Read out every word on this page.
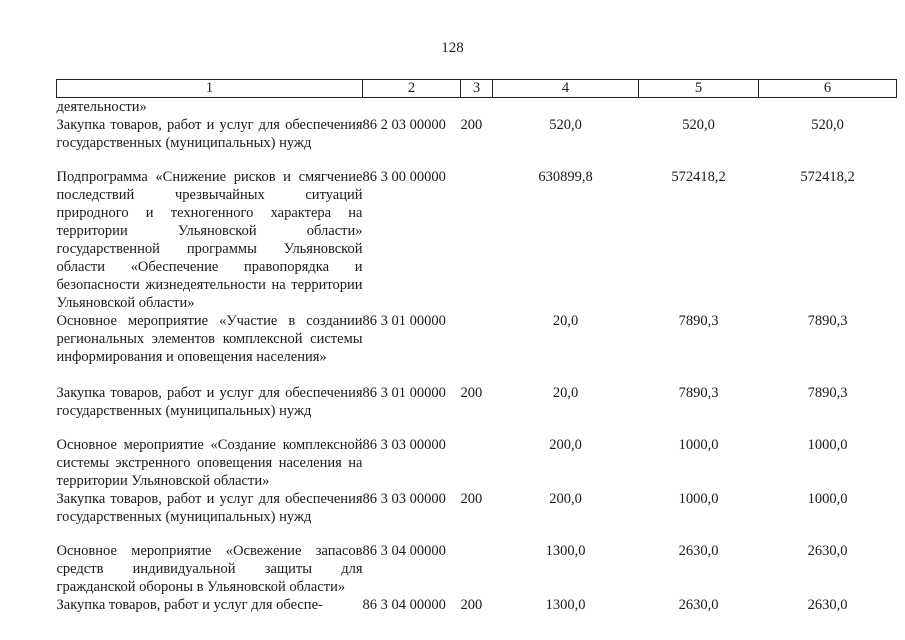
128
1	2	3	4	5	6
деятельности»					
Закупка товаров, работ и услуг для обеспечения государственных (муниципальных) нужд	86 2 03 00000	200	520,0	520,0	520,0
Подпрограмма «Снижение рисков и смягчение последствий чрезвычайных ситуаций природного и техногенного характера на территории Ульяновской области» государственной программы Ульяновской области «Обеспечение правопорядка и безопасности жизнедеятельности на территории Ульяновской области»	86 3 00 00000		630899,8	572418,2	572418,2
Основное мероприятие «Участие в создании региональных элементов комплексной системы информирования и оповещения населения»	86 3 01 00000		20,0	7890,3	7890,3
Закупка товаров, работ и услуг для обеспечения государственных (муниципальных) нужд	86 3 01 00000	200	20,0	7890,3	7890,3
Основное мероприятие «Создание комплексной системы экстренного оповещения населения на территории Ульяновской области»	86 3 03 00000		200,0	1000,0	1000,0
Закупка товаров, работ и услуг для обеспечения государственных (муниципальных) нужд	86 3 03 00000	200	200,0	1000,0	1000,0
Основное мероприятие «Освежение запасов средств индивидуальной защиты для гражданской обороны в Ульяновской области»	86 3 04 00000		1300,0	2630,0	2630,0
Закупка товаров, работ и услуг для обеспе-	86 3 04 00000	200	1300,0	2630,0	2630,0
